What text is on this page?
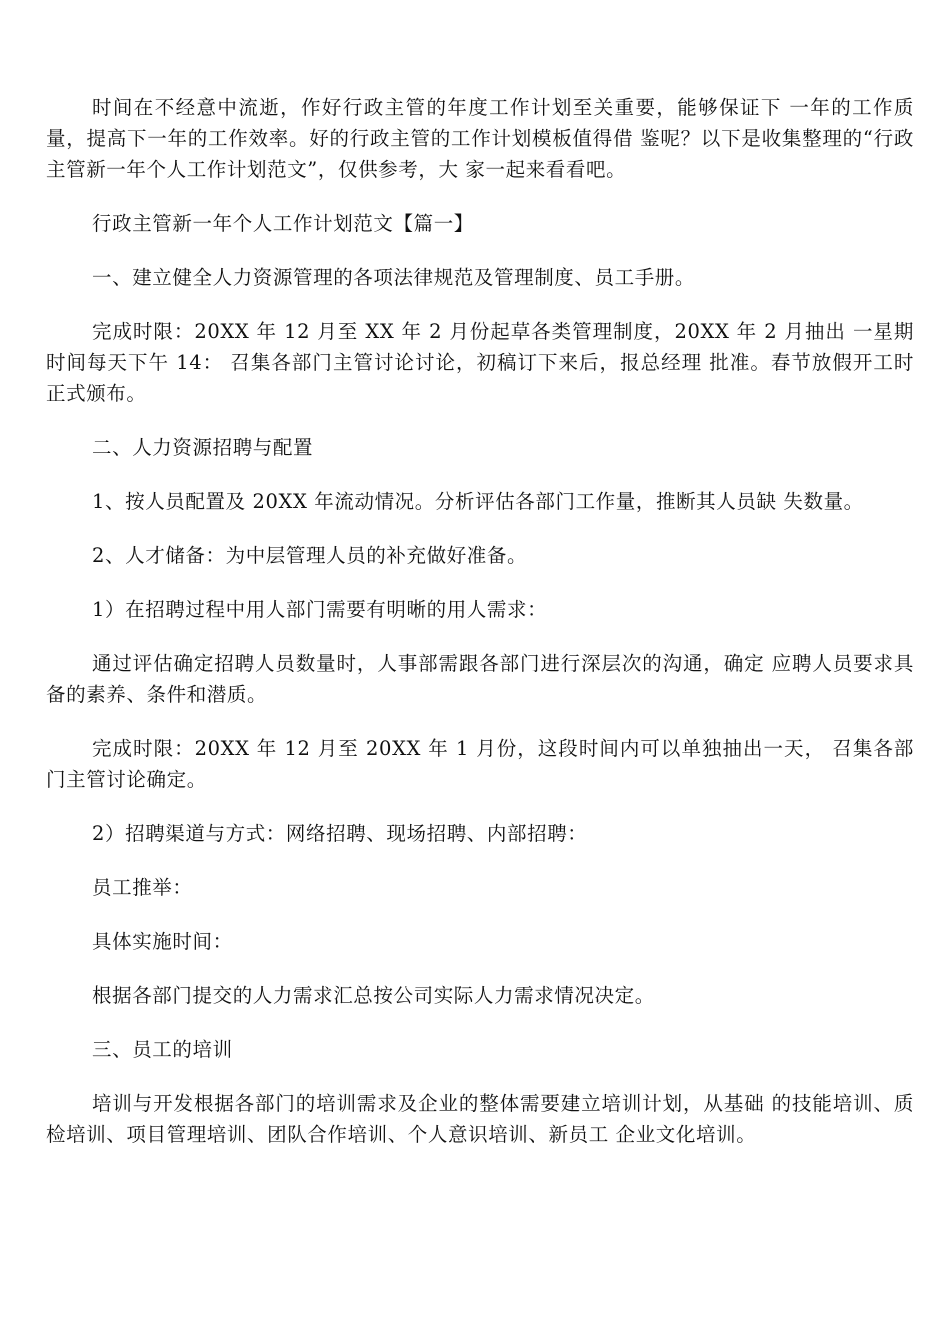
时间在不经意中流逝，作好行政主管的年度工作计划至关重要，能够保证下 一年的工作质量，提高下一年的工作效率。好的行政主管的工作计划模板值得借 鉴呢？以下是收集整理的“行政主管新一年个人工作计划范文”，仅供参考，大 家一起来看看吧。

行政主管新一年个人工作计划范文【篇一】

一、建立健全人力资源管理的各项法律规范及管理制度、员工手册。

完成时限：20XX 年 12 月至 XX 年 2 月份起草各类管理制度，20XX 年 2 月抽出 一星期时间每天下午 14： 召集各部门主管讨论讨论，初稿订下来后，报总经理 批准。春节放假开工时正式颁布。

二、人力资源招聘与配置

1、按人员配置及 20XX 年流动情况。分析评估各部门工作量，推断其人员缺 失数量。

2、人才储备：为中层管理人员的补充做好准备。

1）在招聘过程中用人部门需要有明晰的用人需求：

通过评估确定招聘人员数量时，人事部需跟各部门进行深层次的沟通，确定 应聘人员要求具备的素养、条件和潜质。

完成时限：20XX 年 12 月至 20XX 年 1 月份，这段时间内可以单独抽出一天， 召集各部门主管讨论确定。

2）招聘渠道与方式：网络招聘、现场招聘、内部招聘：

员工推举：

具体实施时间：

根据各部门提交的人力需求汇总按公司实际人力需求情况决定。

三、员工的培训

培训与开发根据各部门的培训需求及企业的整体需要建立培训计划，从基础 的技能培训、质检培训、项目管理培训、团队合作培训、个人意识培训、新员工 企业文化培训。
